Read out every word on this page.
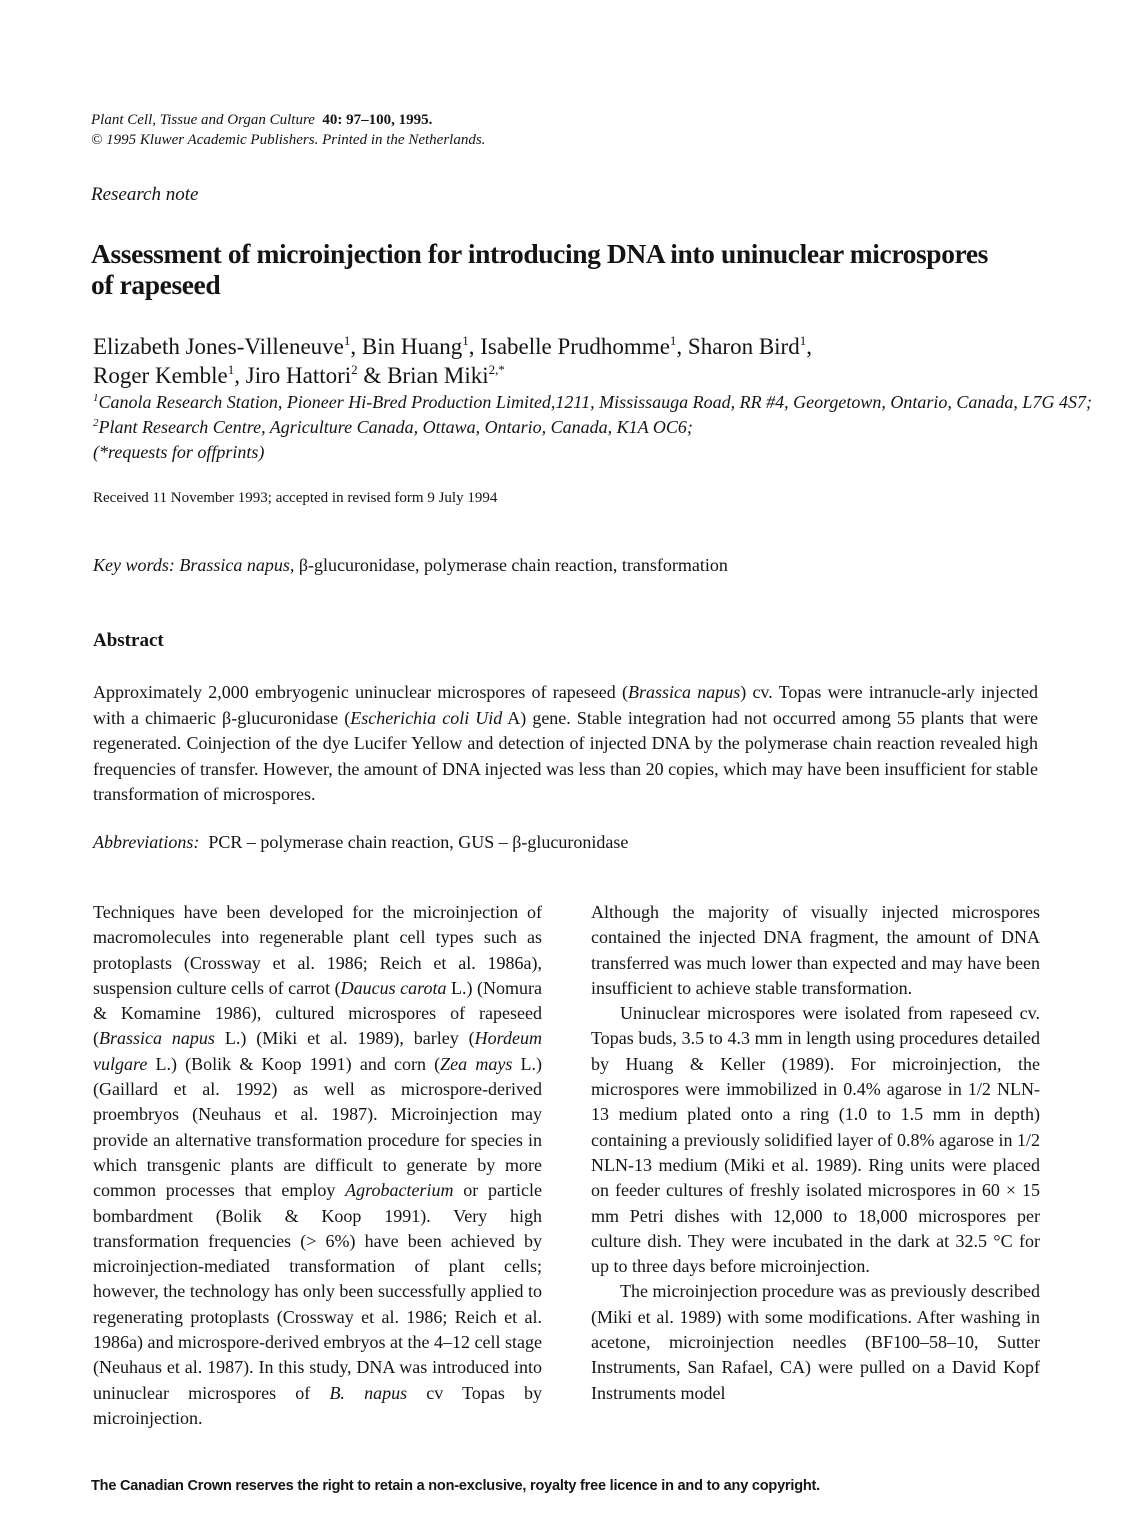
Plant Cell, Tissue and Organ Culture 40: 97–100, 1995.
© 1995 Kluwer Academic Publishers. Printed in the Netherlands.
Research note
Assessment of microinjection for introducing DNA into uninuclear microspores of rapeseed
Elizabeth Jones-Villeneuve$^1$, Bin Huang$^1$, Isabelle Prudhomme$^1$, Sharon Bird$^1$,
Roger Kemble$^1$, Jiro Hattori$^2$ & Brian Miki$^{2,*}$
$^1$Canola Research Station, Pioneer Hi-Bred Production Limited,1211, Mississauga Road, RR #4, Georgetown, Ontario, Canada, L7G 4S7; $^2$Plant Research Centre, Agriculture Canada, Ottawa, Ontario, Canada, K1A OC6;
(*requests for offprints)
Received 11 November 1993; accepted in revised form 9 July 1994
Key words: Brassica napus, β-glucuronidase, polymerase chain reaction, transformation
Abstract
Approximately 2,000 embryogenic uninuclear microspores of rapeseed (Brassica napus) cv. Topas were intranucle-arly injected with a chimaeric β-glucuronidase (Escherichia coli Uid A) gene. Stable integration had not occurred among 55 plants that were regenerated. Coinjection of the dye Lucifer Yellow and detection of injected DNA by the polymerase chain reaction revealed high frequencies of transfer. However, the amount of DNA injected was less than 20 copies, which may have been insufficient for stable transformation of microspores.
Abbreviations: PCR – polymerase chain reaction, GUS – β-glucuronidase

Techniques have been developed for the microinjection of macromolecules into regenerable plant cell types such as protoplasts (Crossway et al. 1986; Reich et al. 1986a), suspension culture cells of carrot (Daucus carota L.) (Nomura & Komamine 1986), cultured microspores of rapeseed (Brassica napus L.) (Miki et al. 1989), barley (Hordeum vulgare L.) (Bolik & Koop 1991) and corn (Zea mays L.) (Gaillard et al. 1992) as well as microspore-derived proembryos (Neuhaus et al. 1987). Microinjection may provide an alternative transformation procedure for species in which transgenic plants are difficult to generate by more common processes that employ Agrobacterium or particle bombardment (Bolik & Koop 1991). Very high transformation frequencies (> 6%) have been achieved by microinjection-mediated transformation of plant cells; however, the technology has only been successfully applied to regenerating protoplasts (Crossway et al. 1986; Reich et al. 1986a) and microspore-derived embryos at the 4–12 cell stage (Neuhaus et al. 1987). In this study, DNA was introduced into uninuclear microspores of B. napus cv Topas by microinjection.

Although the majority of visually injected microspores contained the injected DNA fragment, the amount of DNA transferred was much lower than expected and may have been insufficient to achieve stable transformation.

Uninuclear microspores were isolated from rapeseed cv. Topas buds, 3.5 to 4.3 mm in length using procedures detailed by Huang & Keller (1989). For microinjection, the microspores were immobilized in 0.4% agarose in 1/2 NLN-13 medium plated onto a ring (1.0 to 1.5 mm in depth) containing a previously solidified layer of 0.8% agarose in 1/2 NLN-13 medium (Miki et al. 1989). Ring units were placed on feeder cultures of freshly isolated microspores in 60 × 15 mm Petri dishes with 12,000 to 18,000 microspores per culture dish. They were incubated in the dark at 32.5 °C for up to three days before microinjection.

The microinjection procedure was as previously described (Miki et al. 1989) with some modifications. After washing in acetone, microinjection needles (BF100–58–10, Sutter Instruments, San Rafael, CA) were pulled on a David Kopf Instruments model

The Canadian Crown reserves the right to retain a non-exclusive, royalty free licence in and to any copyright.
